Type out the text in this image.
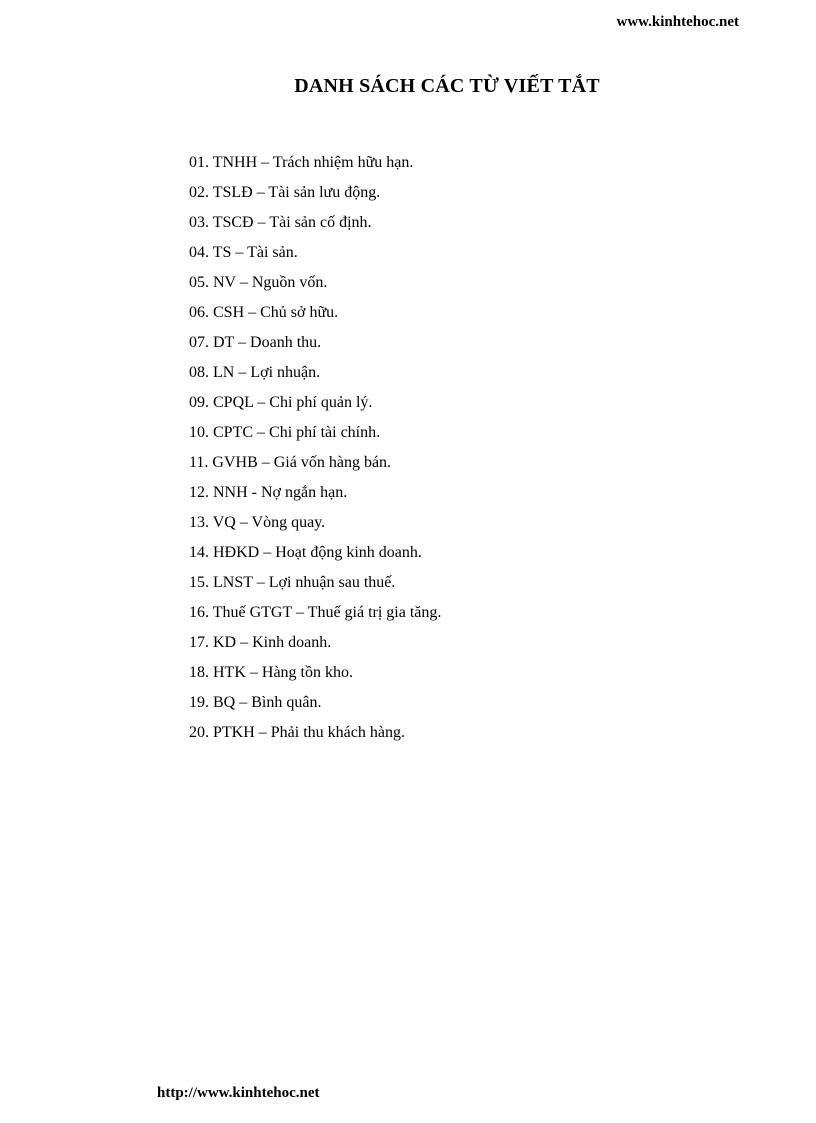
www.kinhtehoc.net
DANH SÁCH CÁC TỪ VIẾT TẮT
01. TNHH – Trách nhiệm hữu hạn.
02. TSLĐ – Tài sản lưu động.
03. TSCĐ – Tài sản cố định.
04. TS – Tài sản.
05. NV – Nguồn vốn.
06. CSH – Chủ sở hữu.
07. DT – Doanh thu.
08. LN – Lợi nhuận.
09. CPQL – Chi phí quản lý.
10. CPTC – Chi phí tài chính.
11. GVHB – Giá vốn hàng bán.
12. NNH - Nợ ngắn hạn.
13. VQ – Vòng quay.
14. HĐKD – Hoạt động kinh doanh.
15. LNST – Lợi nhuận sau thuế.
16. Thuế GTGT – Thuế giá trị gia tăng.
17. KD – Kinh doanh.
18. HTK – Hàng tồn kho.
19. BQ – Bình quân.
20. PTKH – Phải thu khách hàng.
http://www.kinhtehoc.net
